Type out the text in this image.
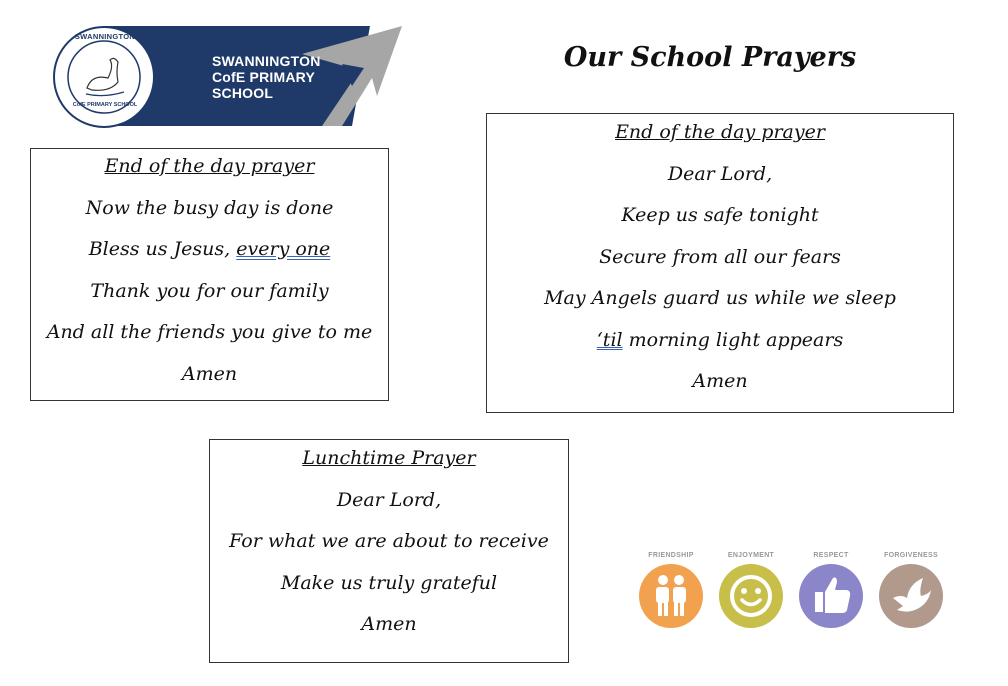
SWANNINGTON
CofE PRIMARY SCHOOL
SWANNINGTON
CofE PRIMARY
SCHOOL
Our School Prayers
End of the day prayer
Now the busy day is done
Bless us Jesus, every one
Thank you for our family
And all the friends you give to me
Amen
End of the day prayer
Dear Lord,
Keep us safe tonight
Secure from all our fears
May Angels guard us while we sleep
‘til morning light appears
Amen
Lunchtime Prayer
Dear Lord,
For what we are about to receive
Make us truly grateful
Amen
FRIENDSHIP	ENJOYMENT	RESPECT	FORGIVENESS
